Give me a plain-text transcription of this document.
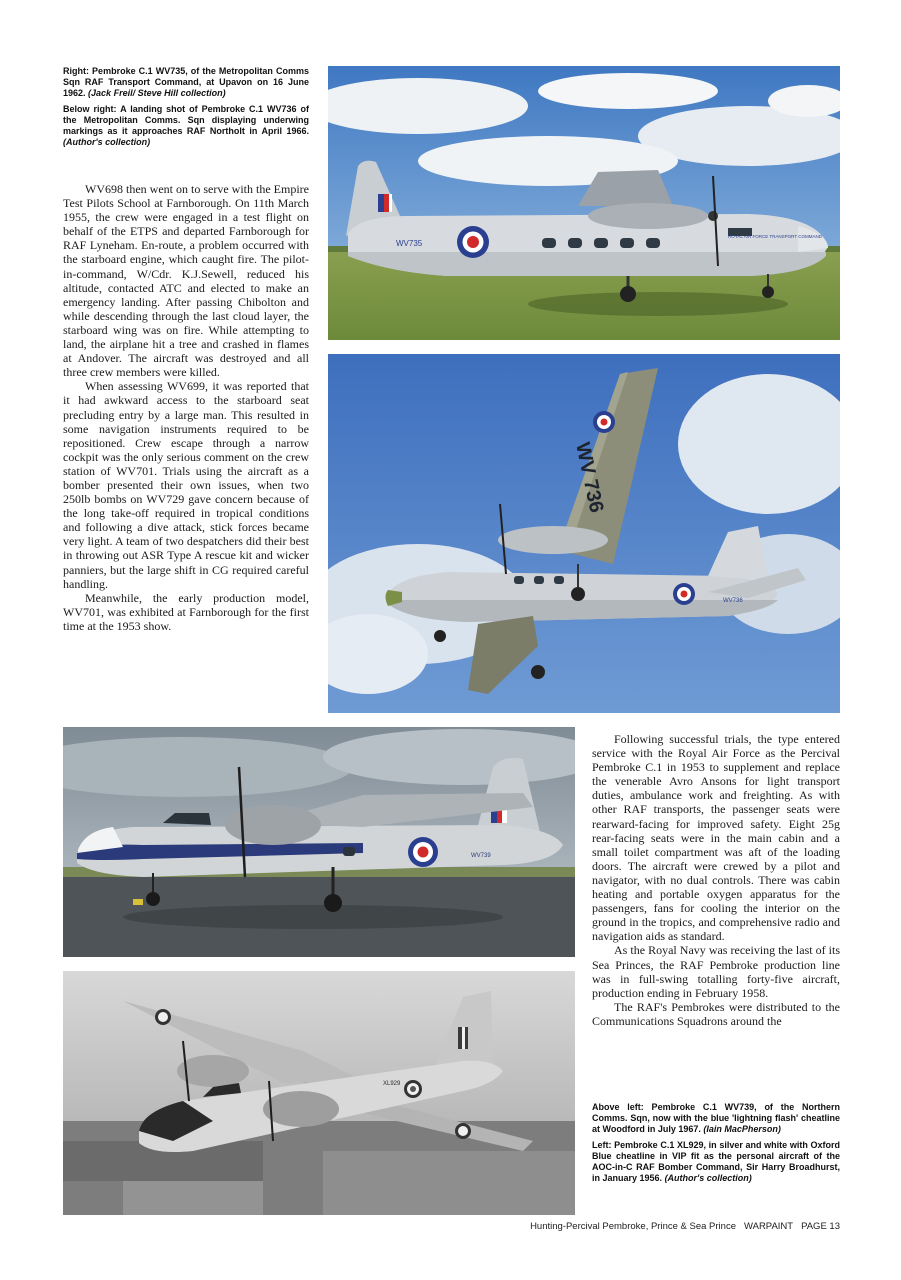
Right: Pembroke C.1 WV735, of the Metropolitan Comms Sqn RAF Transport Command, at Upavon on 16 June 1962. (Jack Freil/ Steve Hill collection)

Below right: A landing shot of Pembroke C.1 WV736 of the Metropolitan Comms. Sqn displaying underwing markings as it approaches RAF Northolt in April 1966. (Author's collection)

WV698 then went on to serve with the Empire Test Pilots School at Farnborough. On 11th March 1955, the crew were engaged in a test flight on behalf of the ETPS and departed Farnborough for RAF Lyneham. En-route, a problem occurred with the starboard engine, which caught fire. The pilot-in-command, W/Cdr. K.J.Sewell, reduced his altitude, contacted ATC and elected to make an emergency landing. After passing Chibolton and while descending through the last cloud layer, the starboard wing was on fire. While attempting to land, the airplane hit a tree and crashed in flames at Andover. The aircraft was destroyed and all three crew members were killed.

When assessing WV699, it was reported that it had awkward access to the starboard seat precluding entry by a large man. This resulted in some navigation instruments required to be repositioned. Crew escape through a narrow cockpit was the only serious comment on the crew station of WV701. Trials using the aircraft as a bomber presented their own issues, when two 250lb bombs on WV729 gave concern because of the long take-off required in tropical conditions and following a dive attack, stick forces became very light. A team of two despatchers did their best in throwing out ASR Type A rescue kit and wicker panniers, but the large shift in CG required careful handling.

Meanwhile, the early production model, WV701, was exhibited at Farnborough for the first time at the 1953 show.

WV735
ROYAL AIR FORCE TRANSPORT COMMAND
WV 736
WV736
RAF TRANSPORT COMMAND
WV739
XL929

Following successful trials, the type entered service with the Royal Air Force as the Percival Pembroke C.1 in 1953 to supplement and replace the venerable Avro Ansons for light transport duties, ambulance work and freighting. As with other RAF transports, the passenger seats were rearward-facing for improved safety. Eight 25g rear-facing seats were in the main cabin and a small toilet compartment was aft of the loading doors. The aircraft were crewed by a pilot and navigator, with no dual controls. There was cabin heating and portable oxygen apparatus for the passengers, fans for cooling the interior on the ground in the tropics, and comprehensive radio and navigation aids as standard.

As the Royal Navy was receiving the last of its Sea Princes, the RAF Pembroke production line was in full-swing totalling forty-five aircraft, production ending in February 1958.

The RAF's Pembrokes were distributed to the Communications Squadrons around the

Above left: Pembroke C.1 WV739, of the Northern Comms. Sqn, now with the blue 'lightning flash' cheatline at Woodford in July 1967. (Iain MacPherson)

Left: Pembroke C.1 XL929, in silver and white with Oxford Blue cheatline in VIP fit as the personal aircraft of the AOC-in-C RAF Bomber Command, Sir Harry Broadhurst, in January 1956. (Author's collection)

Hunting-Percival Pembroke, Prince & Sea Prince WARPAINT PAGE 13
